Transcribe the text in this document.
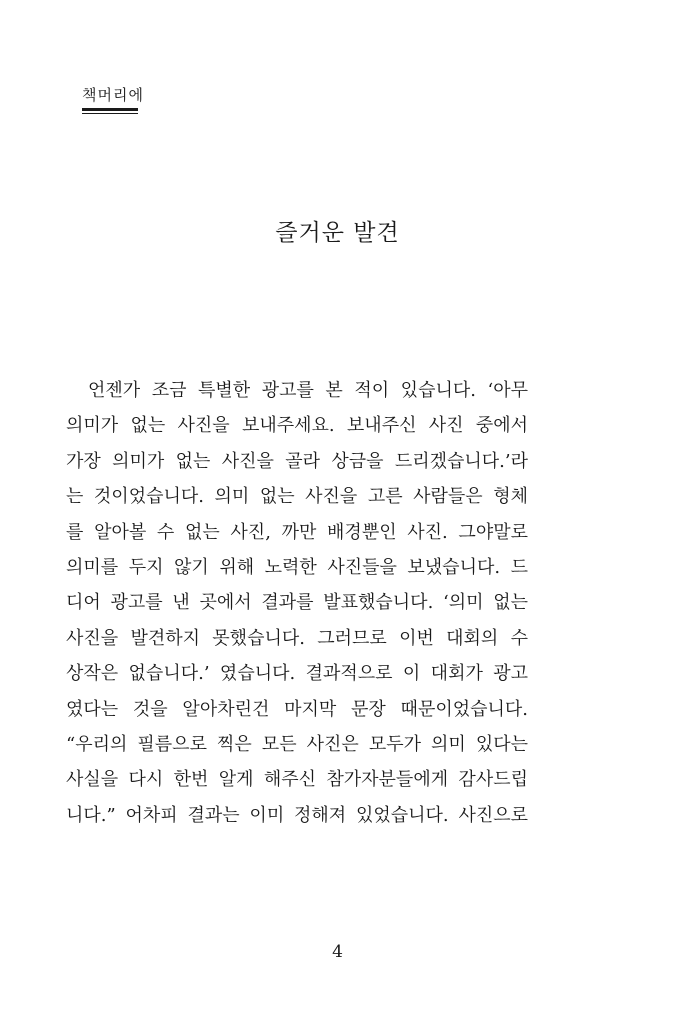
책머리에
즐거운 발견
언젠가 조금 특별한 광고를 본 적이 있습니다. ‘아무
의미가 없는 사진을 보내주세요. 보내주신 사진 중에서
가장 의미가 없는 사진을 골라 상금을 드리겠습니다.’라
는 것이었습니다. 의미 없는 사진을 고른 사람들은 형체
를 알아볼 수 없는 사진, 까만 배경뿐인 사진. 그야말로
의미를 두지 않기 위해 노력한 사진들을 보냈습니다. 드
디어 광고를 낸 곳에서 결과를 발표했습니다. ‘의미 없는
사진을 발견하지 못했습니다. 그러므로 이번 대회의 수
상작은 없습니다.’ 였습니다. 결과적으로 이 대회가 광고
였다는 것을 알아차린건 마지막 문장 때문이었습니다.
“우리의 필름으로 찍은 모든 사진은 모두가 의미 있다는
사실을 다시 한번 알게 해주신 참가자분들에게 감사드립
니다.” 어차피 결과는 이미 정해져 있었습니다. 사진으로
4
